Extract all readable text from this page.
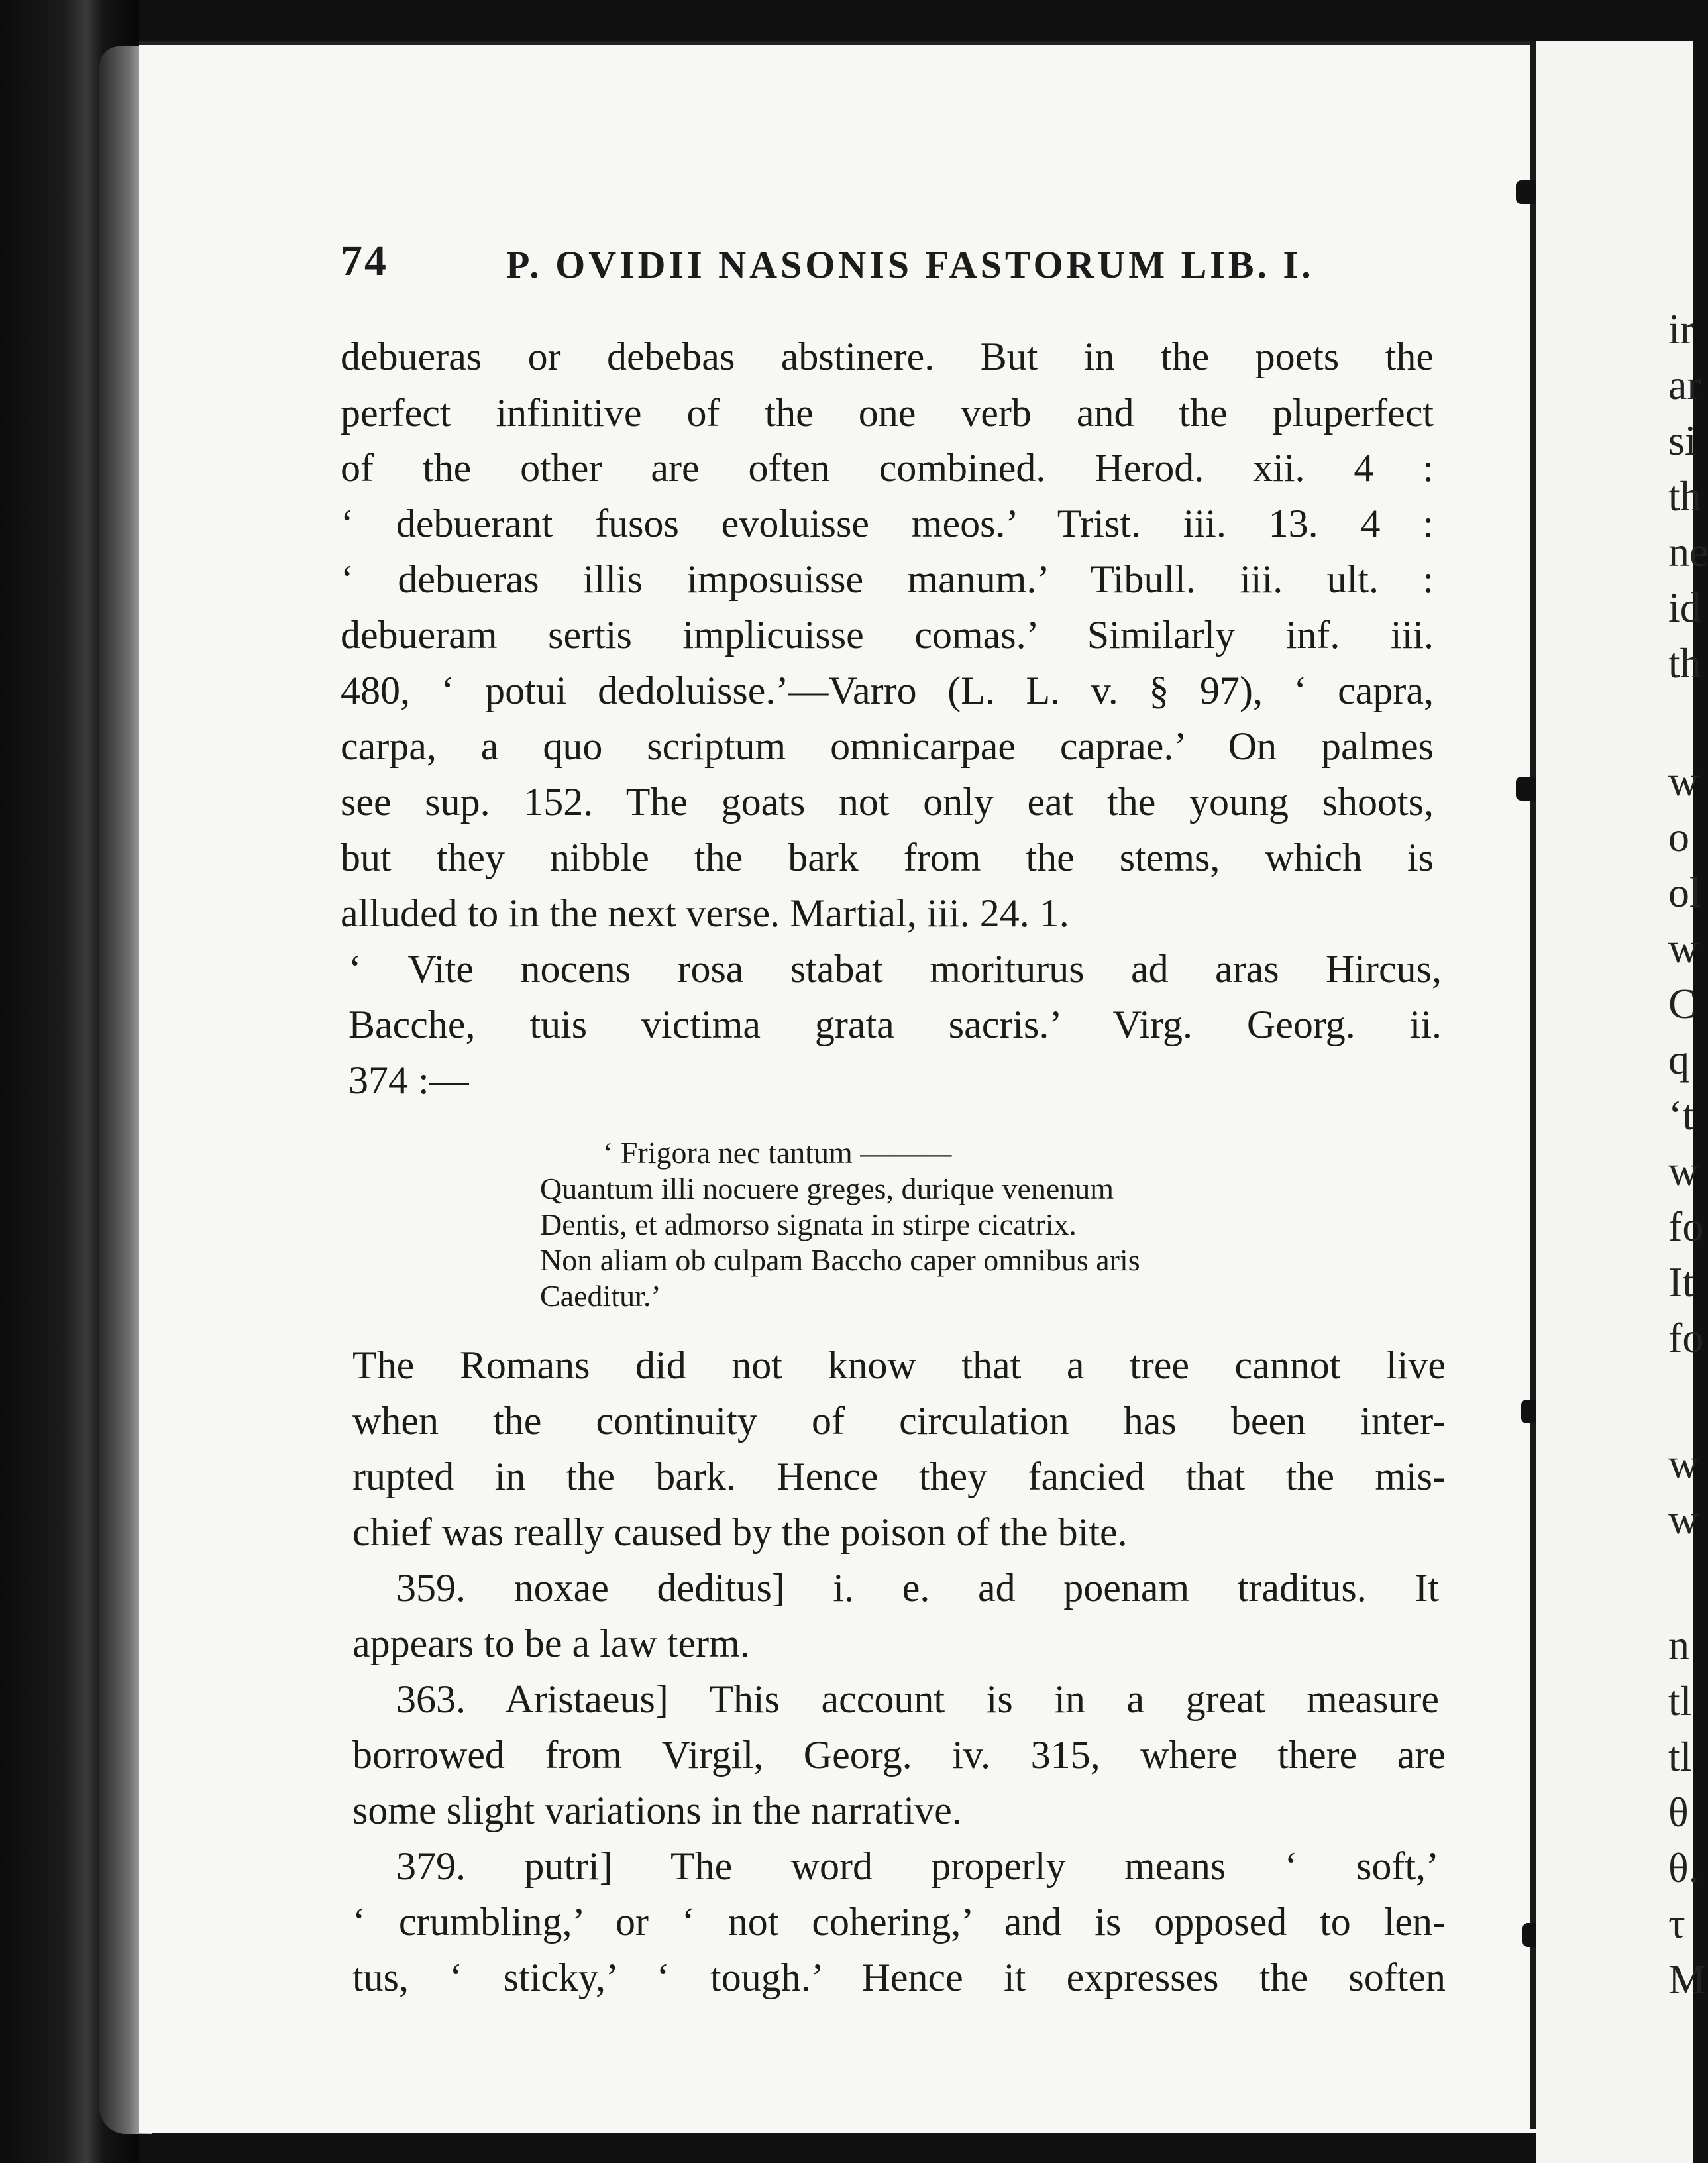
ir
ar
si
th
ne
id
th
w
o
ol
w
C
q
‘t
w
fo
It
fo
w
w
n
tl
tl
θ
θ.
τ
M
74	P. OVIDII NASONIS FASTORUM LIB. I.
debueras or debebas abstinere. But in the poets the
perfect infinitive of the one verb and the pluperfect
of the other are often combined. Herod. xii. 4 :
‘ debuerant fusos evoluisse meos.’ Trist. iii. 13. 4 :
‘ debueras illis imposuisse manum.’ Tibull. iii. ult. :
debueram sertis implicuisse comas.’ Similarly inf. iii.
480, ‘ potui dedoluisse.’—Varro (L. L. v. § 97), ‘ capra,
carpa, a quo scriptum omnicarpae caprae.’ On palmes
see sup. 152. The goats not only eat the young shoots,
but they nibble the bark from the stems, which is
alluded to in the next verse. Martial, iii. 24. 1.
‘ Vite nocens rosa stabat moriturus ad aras Hircus,
Bacche, tuis victima grata sacris.’ Virg. Georg. ii.
374 :—
‘ Frigora nec tantum ———
Quantum illi nocuere greges, durique venenum
Dentis, et admorso signata in stirpe cicatrix.
Non aliam ob culpam Baccho caper omnibus aris
Caeditur.’
The Romans did not know that a tree cannot live
when the continuity of circulation has been inter-
rupted in the bark. Hence they fancied that the mis-
chief was really caused by the poison of the bite.
359. noxae deditus] i. e. ad poenam traditus. It
appears to be a law term.
363. Aristaeus] This account is in a great measure
borrowed from Virgil, Georg. iv. 315, where there are
some slight variations in the narrative.
379. putri] The word properly means ‘ soft,’
‘ crumbling,’ or ‘ not cohering,’ and is opposed to len-
tus, ‘ sticky,’ ‘ tough.’ Hence it expresses the soften
